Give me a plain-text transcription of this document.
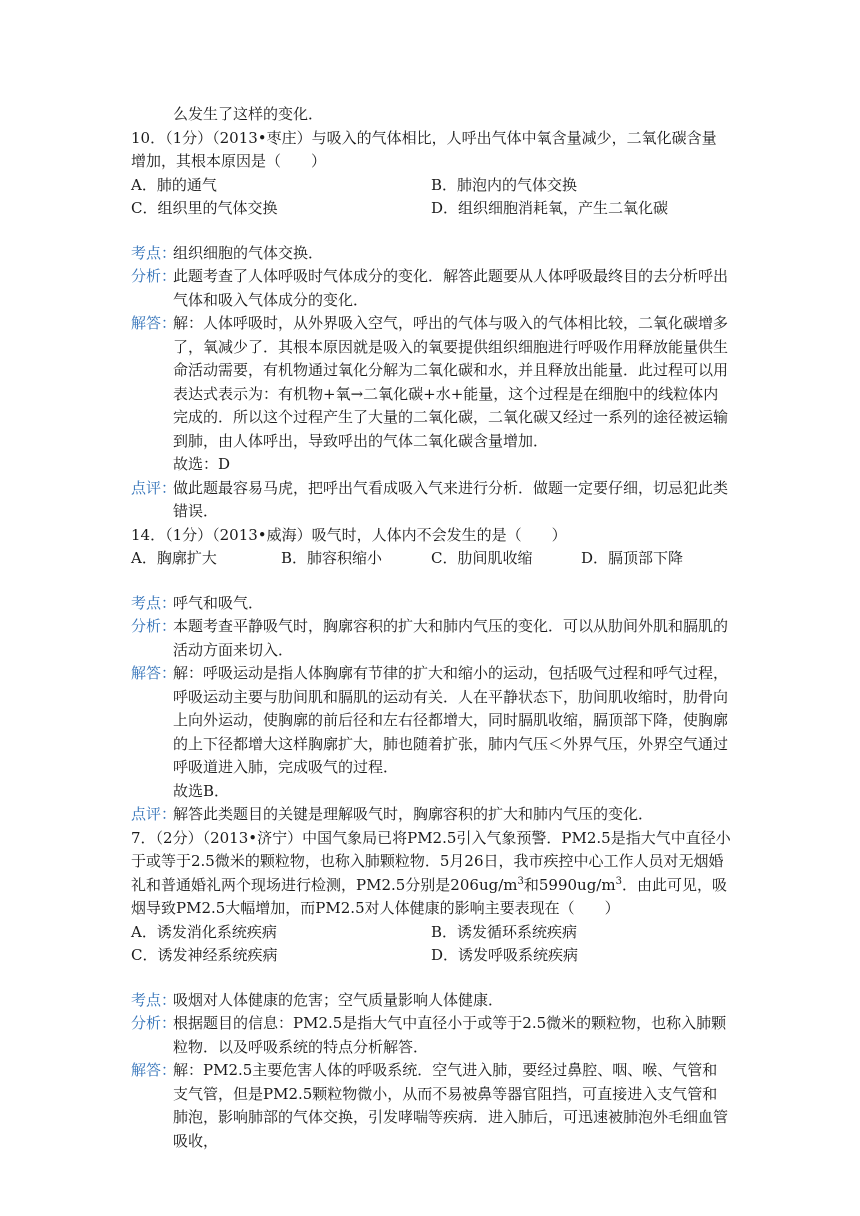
么发生了这样的变化．
10．（1分）（2013•枣庄）与吸入的气体相比，人呼出气体中氧含量减少，二氧化碳含量增加，其根本原因是（　　）
A．肺的通气	B．肺泡内的气体交换
C．组织里的气体交换	D．组织细胞消耗氧，产生二氧化碳
考点：
组织细胞的气体交换．
分析：
此题考查了人体呼吸时气体成分的变化．解答此题要从人体呼吸最终目的去分析呼出气体和吸入气体成分的变化．
解答：
解：人体呼吸时，从外界吸入空气，呼出的气体与吸入的气体相比较，二氧化碳增多了，氧减少了．其根本原因就是吸入的氧要提供组织细胞进行呼吸作用释放能量供生命活动需要，有机物通过氧化分解为二氧化碳和水，并且释放出能量．此过程可以用表达式表示为：有机物+氧→二氧化碳+水+能量，这个过程是在细胞中的线粒体内完成的．所以这个过程产生了大量的二氧化碳，二氧化碳又经过一系列的途径被运输到肺，由人体呼出，导致呼出的气体二氧化碳含量增加．
故选：D
点评：
做此题最容易马虎，把呼出气看成吸入气来进行分析．做题一定要仔细，切忌犯此类错误．
14．（1分）（2013•威海）吸气时，人体内不会发生的是（　　）
A．胸廓扩大	B．肺容积缩小	C．肋间肌收缩	D．膈顶部下降
考点：
呼气和吸气．
分析：
本题考查平静吸气时，胸廓容积的扩大和肺内气压的变化．可以从肋间外肌和膈肌的活动方面来切入．
解答：
解：呼吸运动是指人体胸廓有节律的扩大和缩小的运动，包括吸气过程和呼气过程，呼吸运动主要与肋间肌和膈肌的运动有关．人在平静状态下，肋间肌收缩时，肋骨向上向外运动，使胸廓的前后径和左右径都增大，同时膈肌收缩，膈顶部下降，使胸廓的上下径都增大这样胸廓扩大，肺也随着扩张，肺内气压＜外界气压，外界空气通过呼吸道进入肺，完成吸气的过程．
故选B．
点评：
解答此类题目的关键是理解吸气时，胸廓容积的扩大和肺内气压的变化．
7．（2分）（2013•济宁）中国气象局已将PM2.5引入气象预警．PM2.5是指大气中直径小于或等于2.5微米的颗粒物，也称入肺颗粒物．5月26日，我市疾控中心工作人员对无烟婚礼和普通婚礼两个现场进行检测，PM2.5分别是$206ug/m^3$和$5990ug/m^3$．由此可见，吸烟导致PM2.5大幅增加，而PM2.5对人体健康的影响主要表现在（　　）
A．诱发消化系统疾病	B．诱发循环系统疾病
C．诱发神经系统疾病	D．诱发呼吸系统疾病
考点：
吸烟对人体健康的危害；空气质量影响人体健康．
分析：
根据题目的信息：PM2.5是指大气中直径小于或等于2.5微米的颗粒物，也称入肺颗粒物．以及呼吸系统的特点分析解答．
解答：
解：PM2.5主要危害人体的呼吸系统．空气进入肺，要经过鼻腔、咽、喉、气管和支气管，但是PM2.5颗粒物微小，从而不易被鼻等器官阻挡，可直接进入支气管和肺泡，影响肺部的气体交换，引发哮喘等疾病．进入肺后，可迅速被肺泡外毛细血管吸收，
